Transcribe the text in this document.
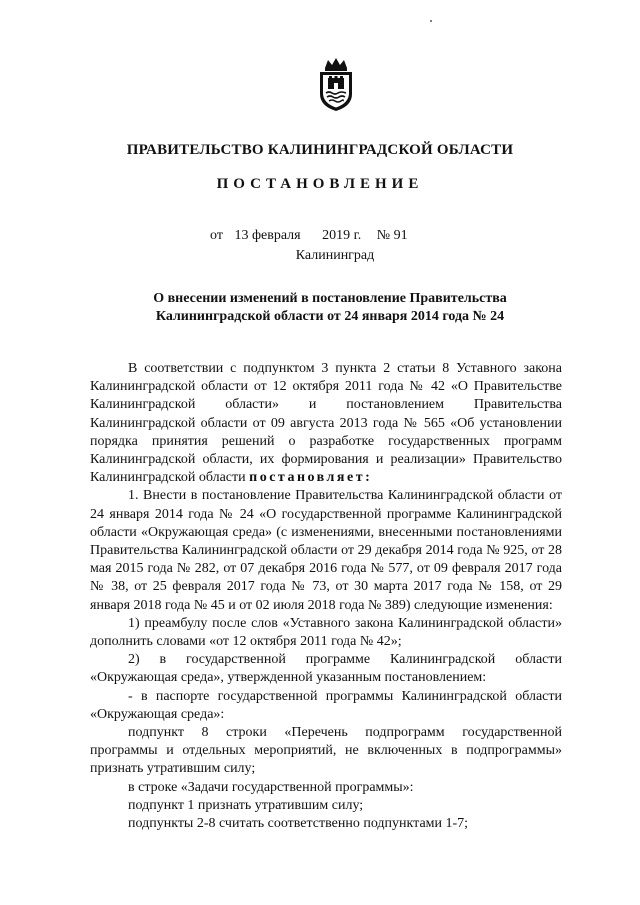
ПРАВИТЕЛЬСТВО КАЛИНИНГРАДСКОЙ ОБЛАСТИ
ПОСТАНОВЛЕНИЕ
от 13 февраля 2019 г. № 91
Калининград
О внесении изменений в постановление Правительства
Калининградской области от 24 января 2014 года № 24

В соответствии с подпунктом 3 пункта 2 статьи 8 Уставного закона Калининградской области от 12 октября 2011 года № 42 «О Правительстве Калининградской области» и постановлением Правительства Калининградской области от 09 августа 2013 года № 565 «Об установлении порядка принятия решений о разработке государственных программ Калининградской области, их формирования и реализации» Правительство Калининградской области постановляет:

1. Внести в постановление Правительства Калининградской области от 24 января 2014 года № 24 «О государственной программе Калининградской области «Окружающая среда» (с изменениями, внесенными постановлениями Правительства Калининградской области от 29 декабря 2014 года № 925, от 28 мая 2015 года № 282, от 07 декабря 2016 года № 577, от 09 февраля 2017 года № 38, от 25 февраля 2017 года № 73, от 30 марта 2017 года № 158, от 29 января 2018 года № 45 и от 02 июля 2018 года № 389) следующие изменения:

1) преамбулу после слов «Уставного закона Калининградской области» дополнить словами «от 12 октября 2011 года № 42»;

2) в государственной программе Калининградской области «Окружающая среда», утвержденной указанным постановлением:

- в паспорте государственной программы Калининградской области «Окружающая среда»:

подпункт 8 строки «Перечень подпрограмм государственной программы и отдельных мероприятий, не включенных в подпрограммы» признать утратившим силу;

в строке «Задачи государственной программы»:

подпункт 1 признать утратившим силу;

подпункты 2-8 считать соответственно подпунктами 1-7;
